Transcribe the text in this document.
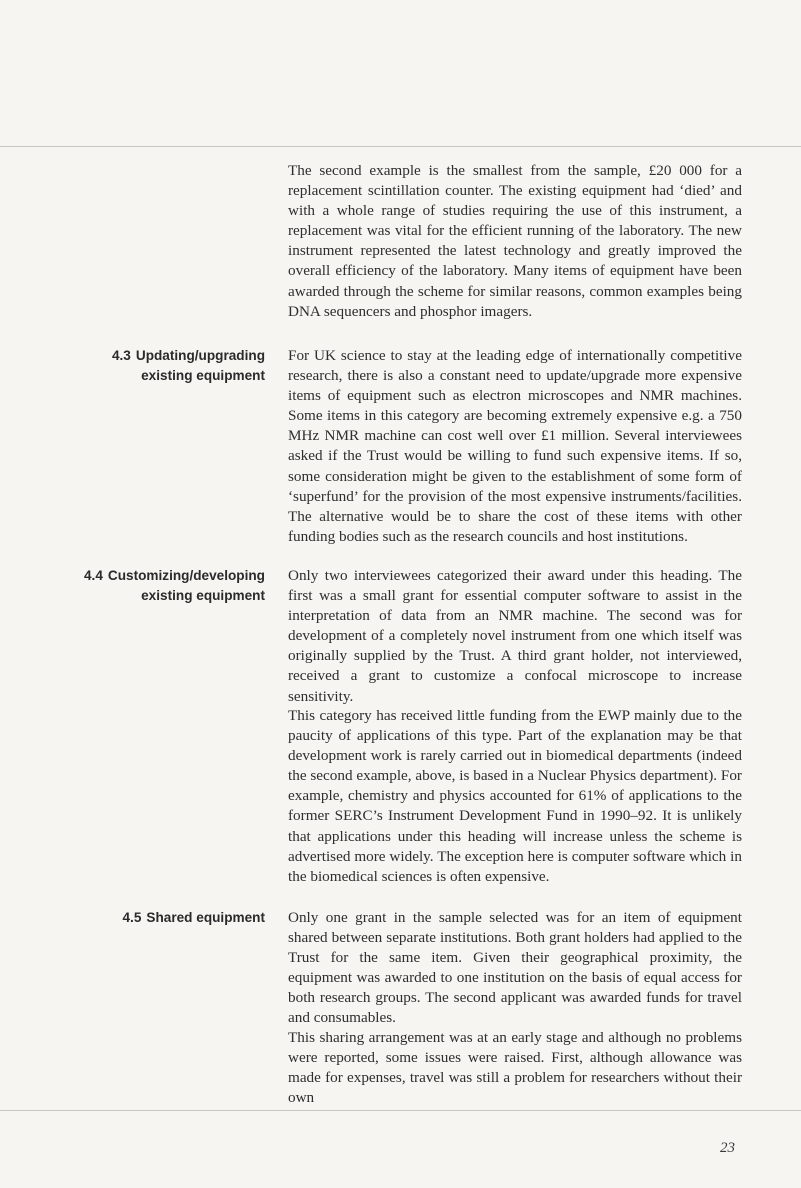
The second example is the smallest from the sample, £20 000 for a replacement scintillation counter. The existing equipment had ‘died’ and with a whole range of studies requiring the use of this instrument, a replacement was vital for the efficient running of the laboratory. The new instrument represented the latest technology and greatly improved the overall efficiency of the laboratory. Many items of equipment have been awarded through the scheme for similar reasons, common examples being DNA sequencers and phosphor imagers.

4.3 Updating/upgrading
existing equipment

For UK science to stay at the leading edge of internationally competitive research, there is also a constant need to update/upgrade more expensive items of equipment such as electron microscopes and NMR machines. Some items in this category are becoming extremely expensive e.g. a 750 MHz NMR machine can cost well over £1 million. Several interviewees asked if the Trust would be willing to fund such expensive items. If so, some consideration might be given to the establishment of some form of ‘superfund’ for the provision of the most expensive instruments/facilities. The alternative would be to share the cost of these items with other funding bodies such as the research councils and host institutions.

4.4 Customizing/developing
existing equipment

Only two interviewees categorized their award under this heading. The first was a small grant for essential computer software to assist in the interpretation of data from an NMR machine. The second was for development of a completely novel instrument from one which itself was originally supplied by the Trust. A third grant holder, not interviewed, received a grant to customize a confocal microscope to increase sensitivity.

This category has received little funding from the EWP mainly due to the paucity of applications of this type. Part of the explanation may be that development work is rarely carried out in biomedical departments (indeed the second example, above, is based in a Nuclear Physics department). For example, chemistry and physics accounted for 61% of applications to the former SERC’s Instrument Development Fund in 1990–92. It is unlikely that applications under this heading will increase unless the scheme is advertised more widely. The exception here is computer software which in the biomedical sciences is often expensive.

4.5 Shared equipment Only one grant in the sample selected was for an item of equipment shared between separate institutions. Both grant holders had applied to the Trust for the same item. Given their geographical proximity, the equipment was awarded to one institution on the basis of equal access for both research groups. The second applicant was awarded funds for travel and consumables.

This sharing arrangement was at an early stage and although no problems were reported, some issues were raised. First, although allowance was made for expenses, travel was still a problem for researchers without their own

23
